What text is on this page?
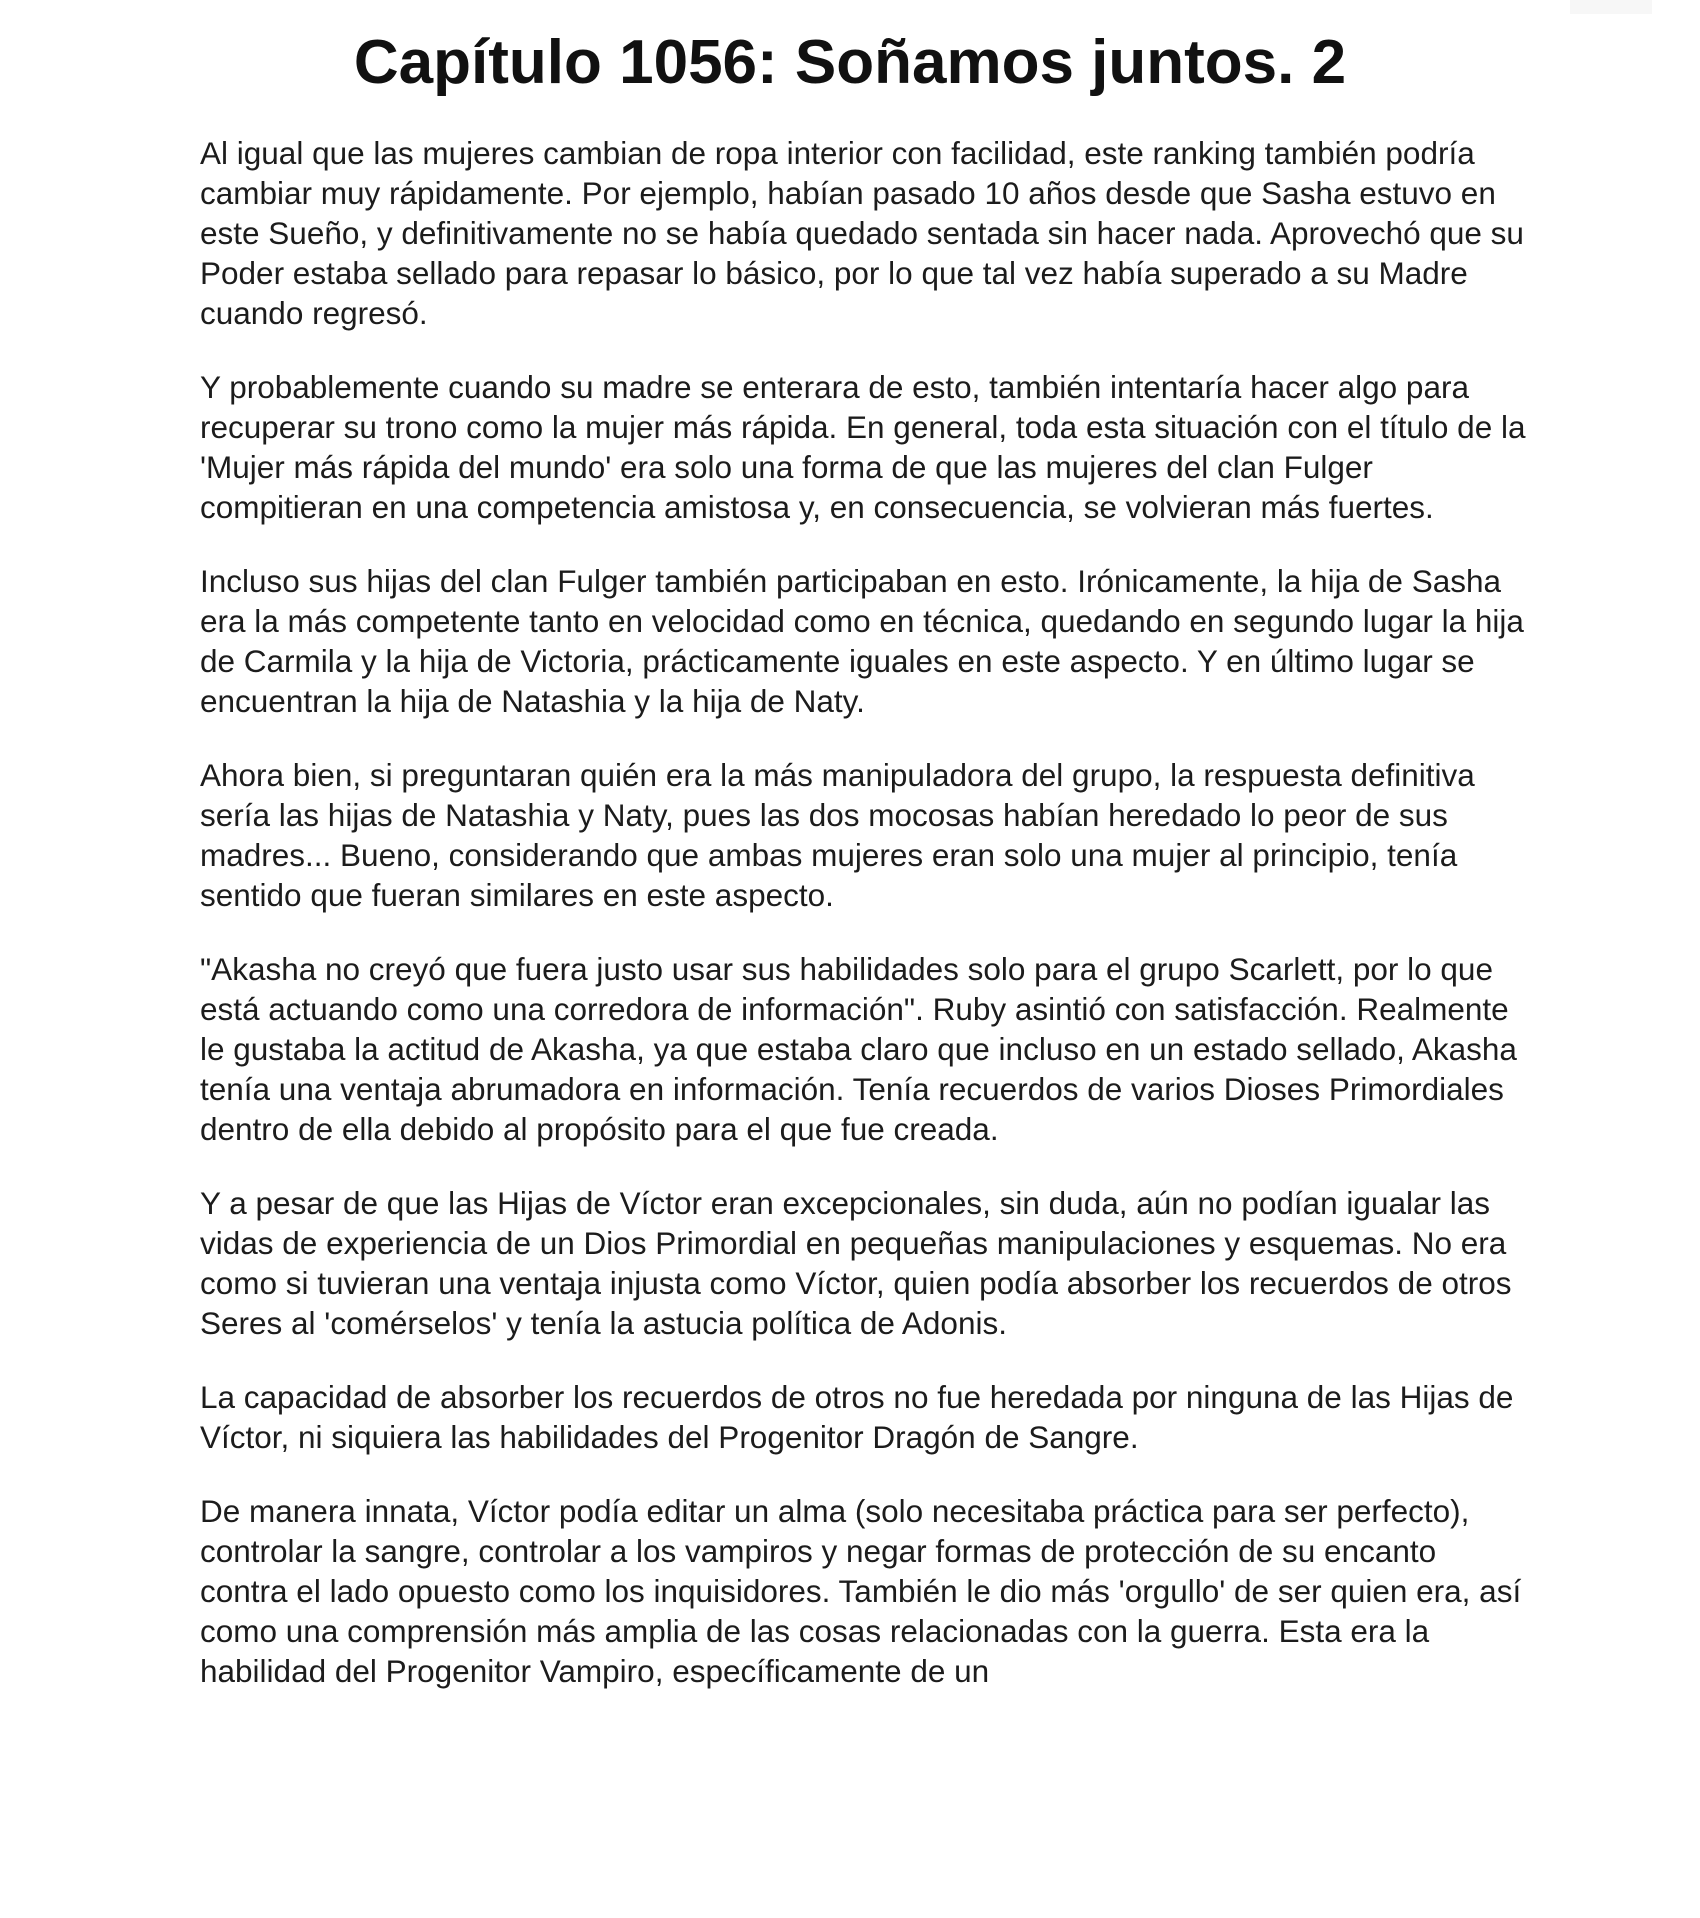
Capítulo 1056: Soñamos juntos. 2

Al igual que las mujeres cambian de ropa interior con facilidad, este ranking también podría cambiar muy rápidamente. Por ejemplo, habían pasado 10 años desde que Sasha estuvo en este Sueño, y definitivamente no se había quedado sentada sin hacer nada. Aprovechó que su Poder estaba sellado para repasar lo básico, por lo que tal vez había superado a su Madre cuando regresó.

Y probablemente cuando su madre se enterara de esto, también intentaría hacer algo para recuperar su trono como la mujer más rápida. En general, toda esta situación con el título de la 'Mujer más rápida del mundo' era solo una forma de que las mujeres del clan Fulger compitieran en una competencia amistosa y, en consecuencia, se volvieran más fuertes.

Incluso sus hijas del clan Fulger también participaban en esto. Irónicamente, la hija de Sasha era la más competente tanto en velocidad como en técnica, quedando en segundo lugar la hija de Carmila y la hija de Victoria, prácticamente iguales en este aspecto. Y en último lugar se encuentran la hija de Natashia y la hija de Naty.

Ahora bien, si preguntaran quién era la más manipuladora del grupo, la respuesta definitiva sería las hijas de Natashia y Naty, pues las dos mocosas habían heredado lo peor de sus madres... Bueno, considerando que ambas mujeres eran solo una mujer al principio, tenía sentido que fueran similares en este aspecto.

"Akasha no creyó que fuera justo usar sus habilidades solo para el grupo Scarlett, por lo que está actuando como una corredora de información". Ruby asintió con satisfacción. Realmente le gustaba la actitud de Akasha, ya que estaba claro que incluso en un estado sellado, Akasha tenía una ventaja abrumadora en información. Tenía recuerdos de varios Dioses Primordiales dentro de ella debido al propósito para el que fue creada.

Y a pesar de que las Hijas de Víctor eran excepcionales, sin duda, aún no podían igualar las vidas de experiencia de un Dios Primordial en pequeñas manipulaciones y esquemas. No era como si tuvieran una ventaja injusta como Víctor, quien podía absorber los recuerdos de otros Seres al 'comérselos' y tenía la astucia política de Adonis.

La capacidad de absorber los recuerdos de otros no fue heredada por ninguna de las Hijas de Víctor, ni siquiera las habilidades del Progenitor Dragón de Sangre.

De manera innata, Víctor podía editar un alma (solo necesitaba práctica para ser perfecto), controlar la sangre, controlar a los vampiros y negar formas de protección de su encanto contra el lado opuesto como los inquisidores. También le dio más 'orgullo' de ser quien era, así como una comprensión más amplia de las cosas relacionadas con la guerra. Esta era la habilidad del Progenitor Vampiro, específicamente de un
